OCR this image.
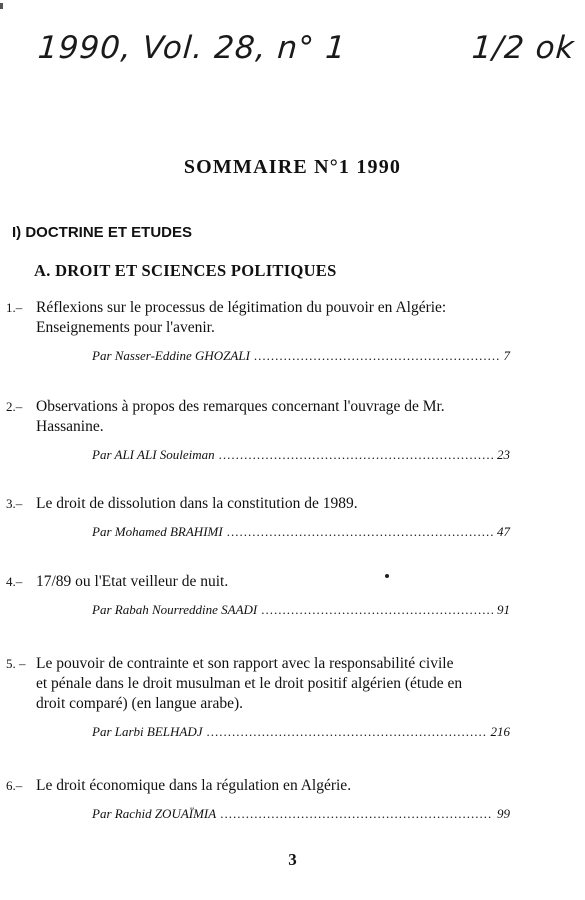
1990, Vol. 28, n° 1	1/2 ok
SOMMAIRE N°1 1990
I) DOCTRINE ET ETUDES
A. DROIT ET SCIENCES POLITIQUES
1.– Réflexions sur le processus de légitimation du pouvoir en Algérie:
Enseignements pour l'avenir.
Par Nasser-Eddine GHOZALI .....	7
2.– Observations à propos des remarques concernant l'ouvrage de Mr.
Hassanine.
Par ALI ALI Souleiman .....	23
3.– Le droit de dissolution dans la constitution de 1989.
Par Mohamed BRAHIMI .....	47
4.– 17/89 ou l'Etat veilleur de nuit.
Par Rabah Nourreddine SAADI .....	91
5. – Le pouvoir de contrainte et son rapport avec la responsabilité civile
et pénale dans le droit musulman et le droit positif algérien (étude en
droit comparé) (en langue arabe).
Par Larbi BELHADJ .....	216
6.– Le droit économique dans la régulation en Algérie.
Par Rachid ZOUAÏMIA .....	99
3
